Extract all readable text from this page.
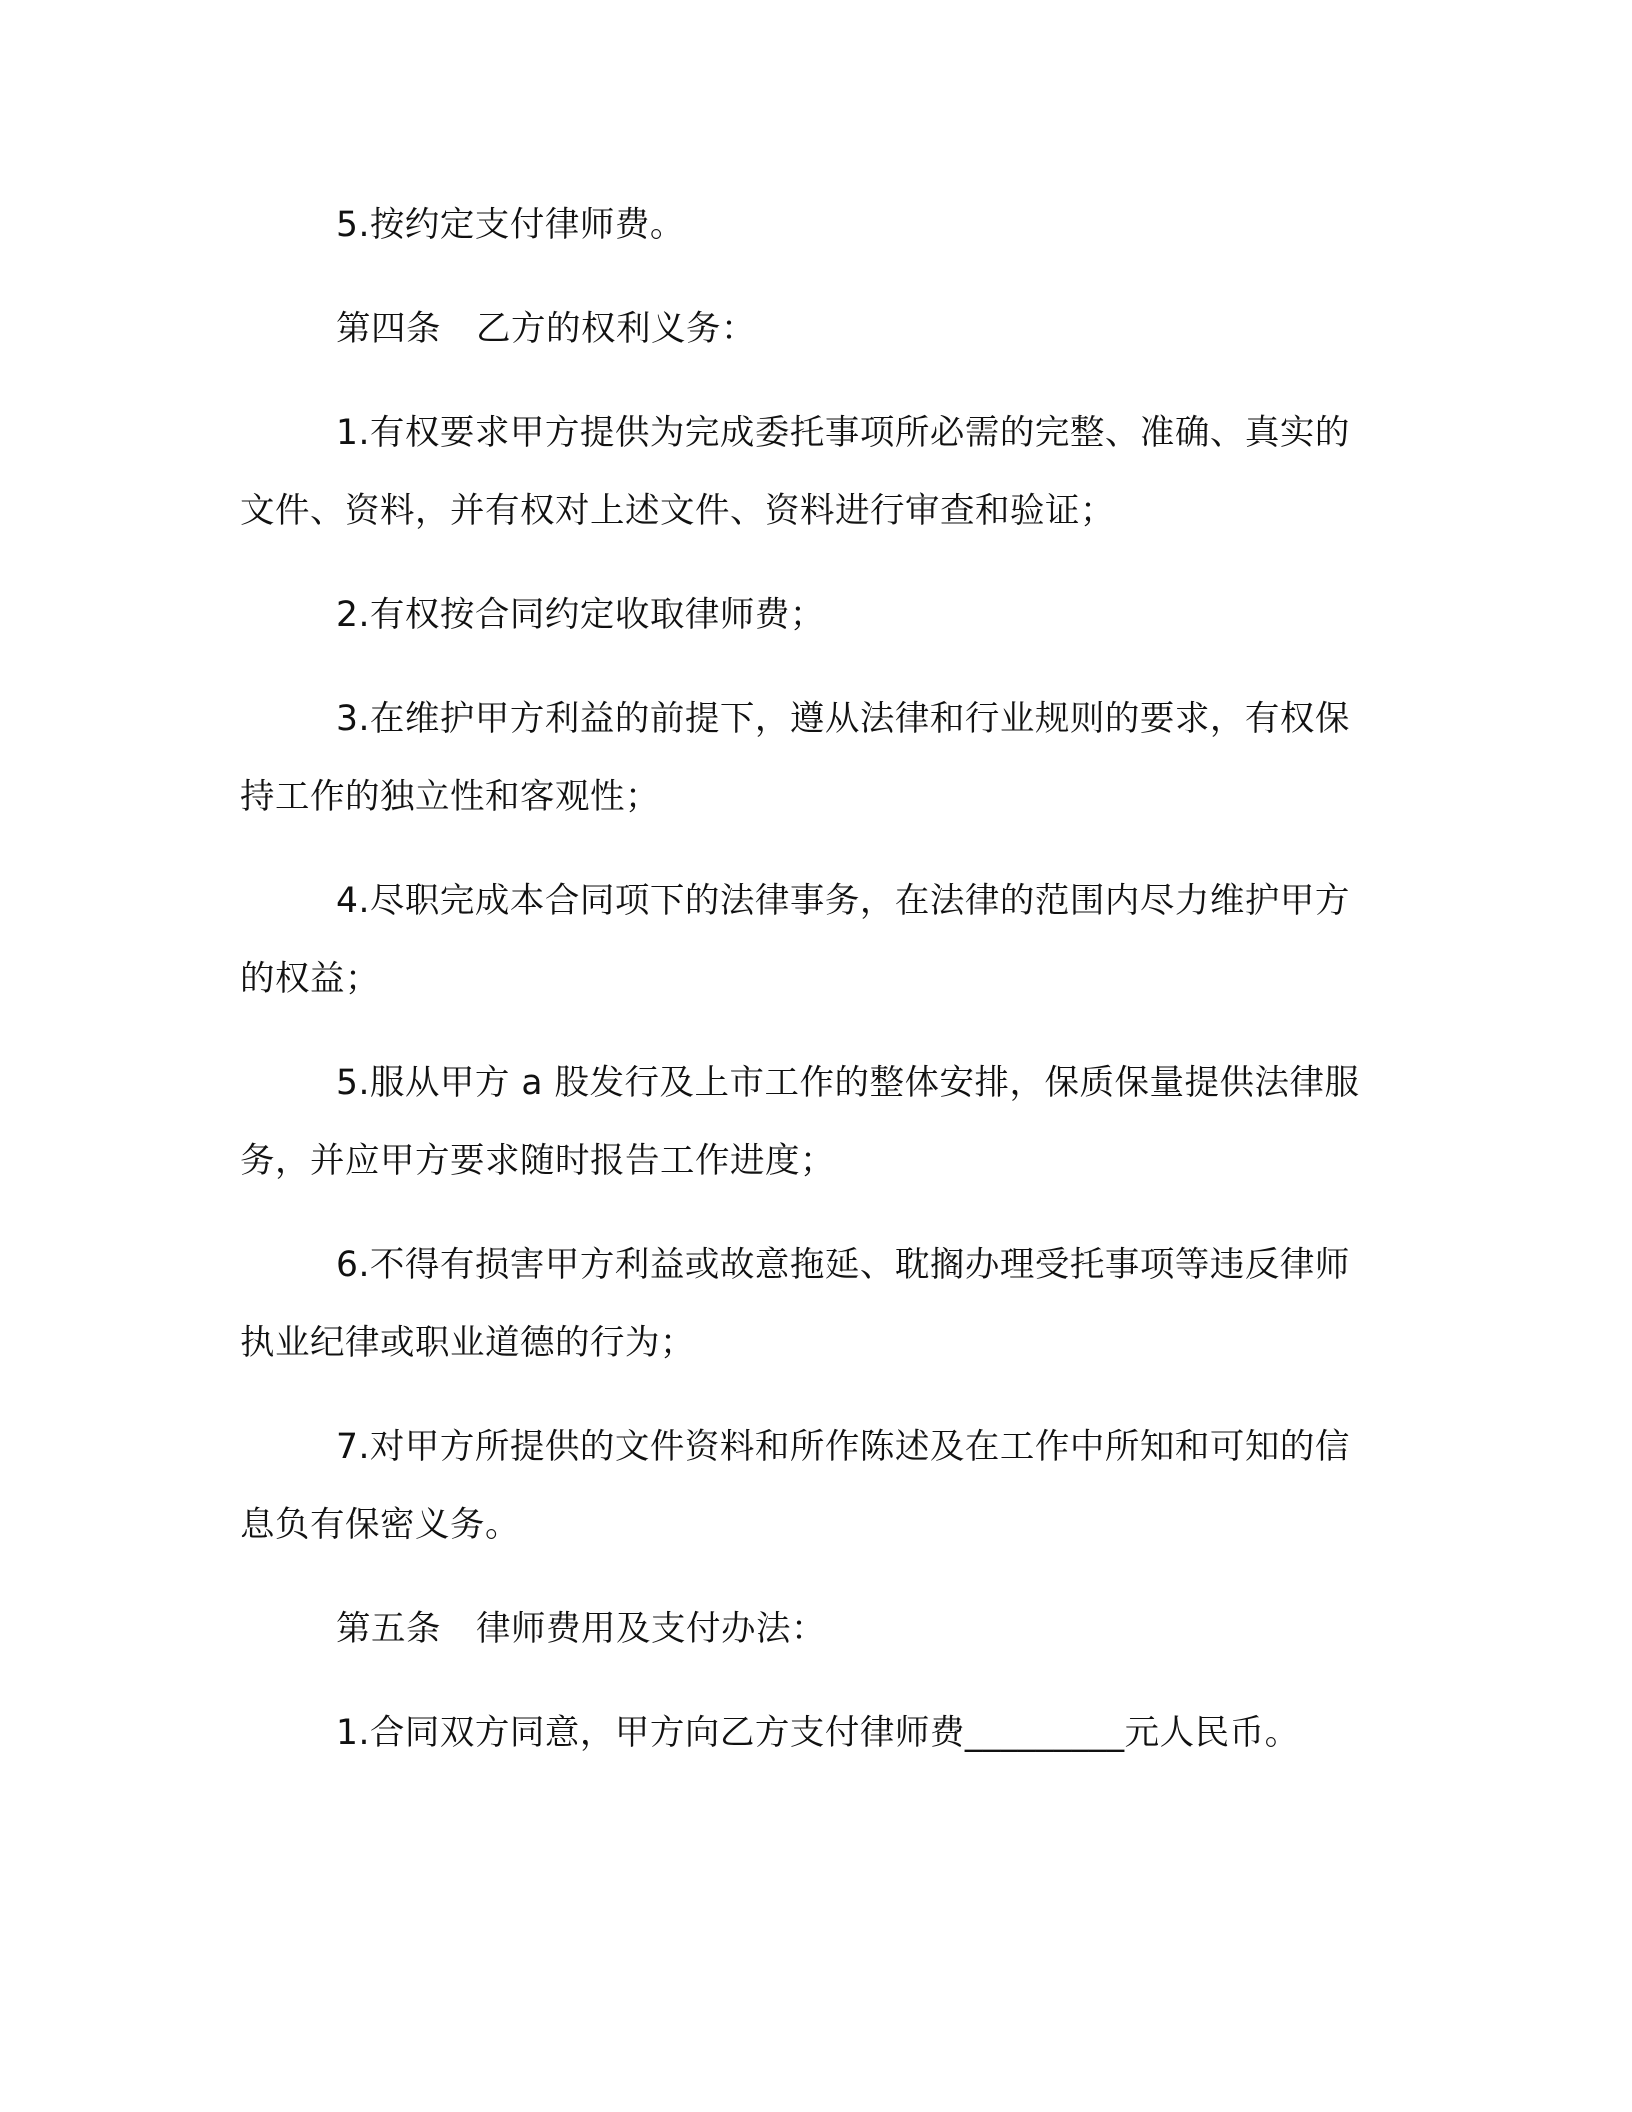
5.按约定支付律师费。

第四条　乙方的权利义务：

1.有权要求甲方提供为完成委托事项所必需的完整、准确、真实的文件、资料，并有权对上述文件、资料进行审查和验证；

2.有权按合同约定收取律师费；

3.在维护甲方利益的前提下，遵从法律和行业规则的要求，有权保持工作的独立性和客观性；

4.尽职完成本合同项下的法律事务，在法律的范围内尽力维护甲方的权益；

5.服从甲方 a 股发行及上市工作的整体安排，保质保量提供法律服务，并应甲方要求随时报告工作进度；

6.不得有损害甲方利益或故意拖延、耽搁办理受托事项等违反律师执业纪律或职业道德的行为；

7.对甲方所提供的文件资料和所作陈述及在工作中所知和可知的信息负有保密义务。

第五条　律师费用及支付办法：

1.合同双方同意，甲方向乙方支付律师费_________元人民币。
